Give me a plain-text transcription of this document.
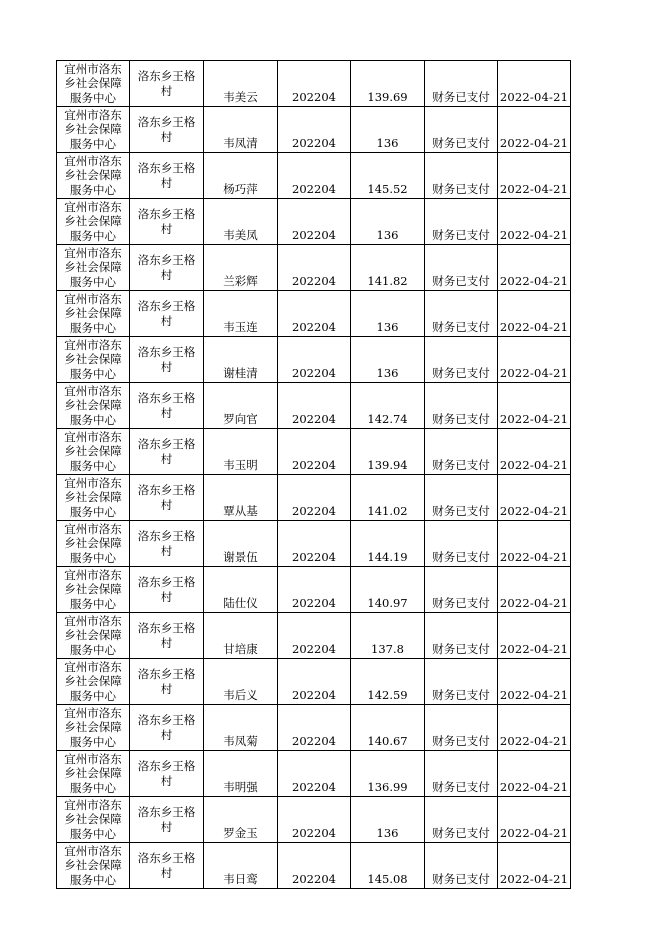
宜州市洛东
乡社会保障
服务中心	洛东乡王格
村	韦美云	202204	139.69	财务已支付	2022-04-21

宜州市洛东
乡社会保障
服务中心	洛东乡王格
村	韦凤清	202204	136	财务已支付	2022-04-21

宜州市洛东
乡社会保障
服务中心	洛东乡王格
村	杨巧萍	202204	145.52	财务已支付	2022-04-21

宜州市洛东
乡社会保障
服务中心	洛东乡王格
村	韦美凤	202204	136	财务已支付	2022-04-21

宜州市洛东
乡社会保障
服务中心	洛东乡王格
村	兰彩辉	202204	141.82	财务已支付	2022-04-21

宜州市洛东
乡社会保障
服务中心	洛东乡王格
村	韦玉连	202204	136	财务已支付	2022-04-21

宜州市洛东
乡社会保障
服务中心	洛东乡王格
村	谢桂清	202204	136	财务已支付	2022-04-21

宜州市洛东
乡社会保障
服务中心	洛东乡王格
村	罗向官	202204	142.74	财务已支付	2022-04-21

宜州市洛东
乡社会保障
服务中心	洛东乡王格
村	韦玉明	202204	139.94	财务已支付	2022-04-21

宜州市洛东
乡社会保障
服务中心	洛东乡王格
村	覃从基	202204	141.02	财务已支付	2022-04-21

宜州市洛东
乡社会保障
服务中心	洛东乡王格
村	谢景伍	202204	144.19	财务已支付	2022-04-21

宜州市洛东
乡社会保障
服务中心	洛东乡王格
村	陆仕仪	202204	140.97	财务已支付	2022-04-21

宜州市洛东
乡社会保障
服务中心	洛东乡王格
村	甘培康	202204	137.8	财务已支付	2022-04-21

宜州市洛东
乡社会保障
服务中心	洛东乡王格
村	韦后义	202204	142.59	财务已支付	2022-04-21

宜州市洛东
乡社会保障
服务中心	洛东乡王格
村	韦凤菊	202204	140.67	财务已支付	2022-04-21

宜州市洛东
乡社会保障
服务中心	洛东乡王格
村	韦明强	202204	136.99	财务已支付	2022-04-21

宜州市洛东
乡社会保障
服务中心	洛东乡王格
村	罗金玉	202204	136	财务已支付	2022-04-21

宜州市洛东
乡社会保障
服务中心	洛东乡王格
村	韦日鸾	202204	145.08	财务已支付	2022-04-21
